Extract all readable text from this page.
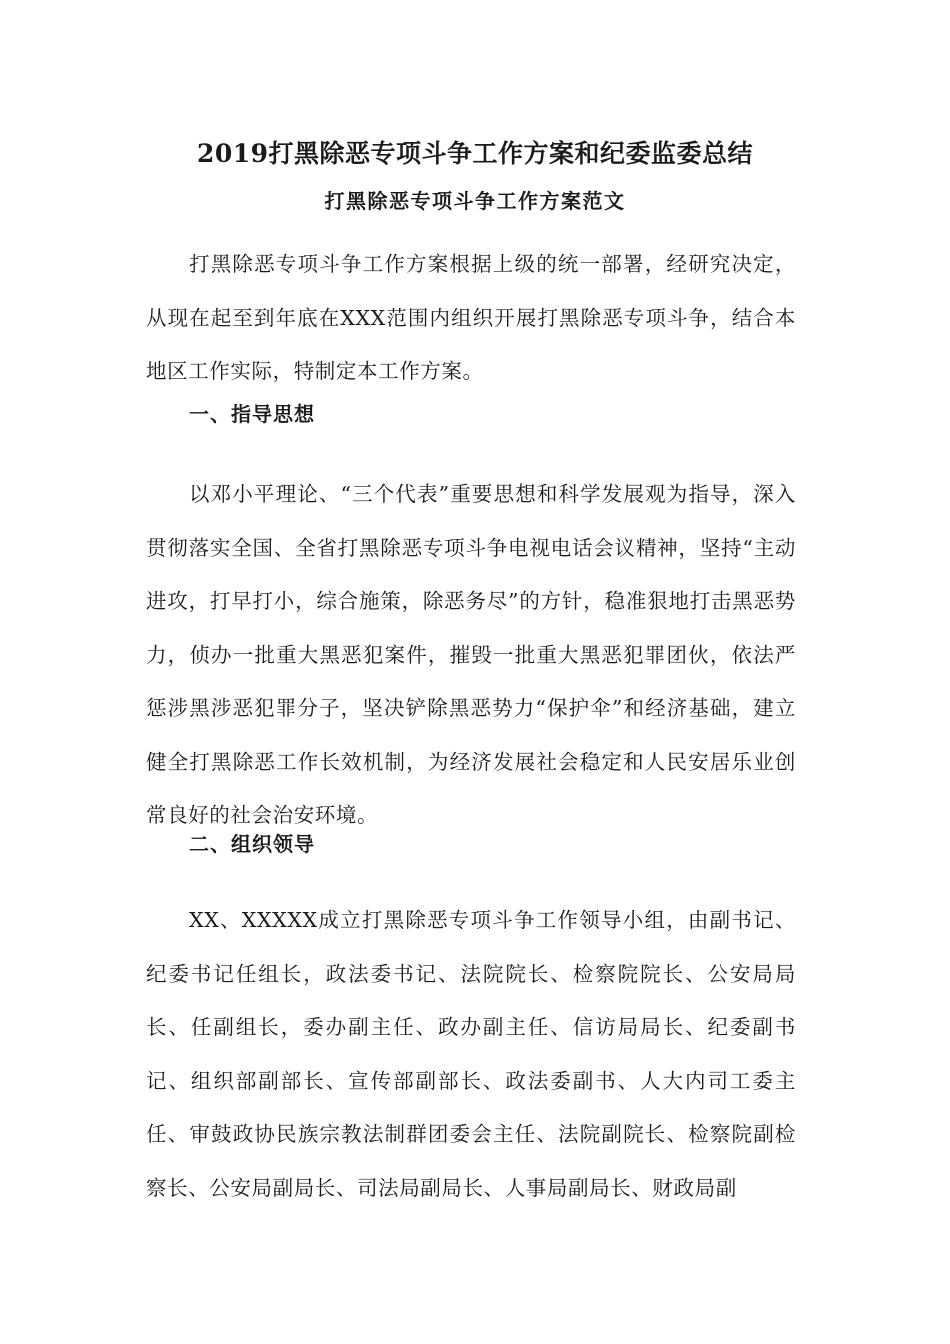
2019打黑除恶专项斗争工作方案和纪委监委总结
打黑除恶专项斗争工作方案范文

打黑除恶专项斗争工作方案根据上级的统一部署，经研究决定，从现在起至到年底在XXX范围内组织开展打黑除恶专项斗争，结合本地区工作实际，特制定本工作方案。

一、指导思想

以邓小平理论、“三个代表”重要思想和科学发展观为指导，深入贯彻落实全国、全省打黑除恶专项斗争电视电话会议精神，坚持“主动进攻，打早打小，综合施策，除恶务尽”的方针，稳准狠地打击黑恶势力，侦办一批重大黑恶犯案件，摧毁一批重大黑恶犯罪团伙，依法严惩涉黑涉恶犯罪分子，坚决铲除黑恶势力“保护伞”和经济基础，建立健全打黑除恶工作长效机制，为经济发展社会稳定和人民安居乐业创常良好的社会治安环境。

二、组织领导

XX、XXXXX成立打黑除恶专项斗争工作领导小组，由副书记、纪委书记任组长，政法委书记、法院院长、检察院院长、公安局局长、任副组长，委办副主任、政办副主任、信访局局长、纪委副书记、组织部副部长、宣传部副部长、政法委副书、人大内司工委主任、审鼓政协民族宗教法制群团委会主任、法院副院长、检察院副检察长、公安局副局长、司法局副局长、人事局副局长、财政局副
